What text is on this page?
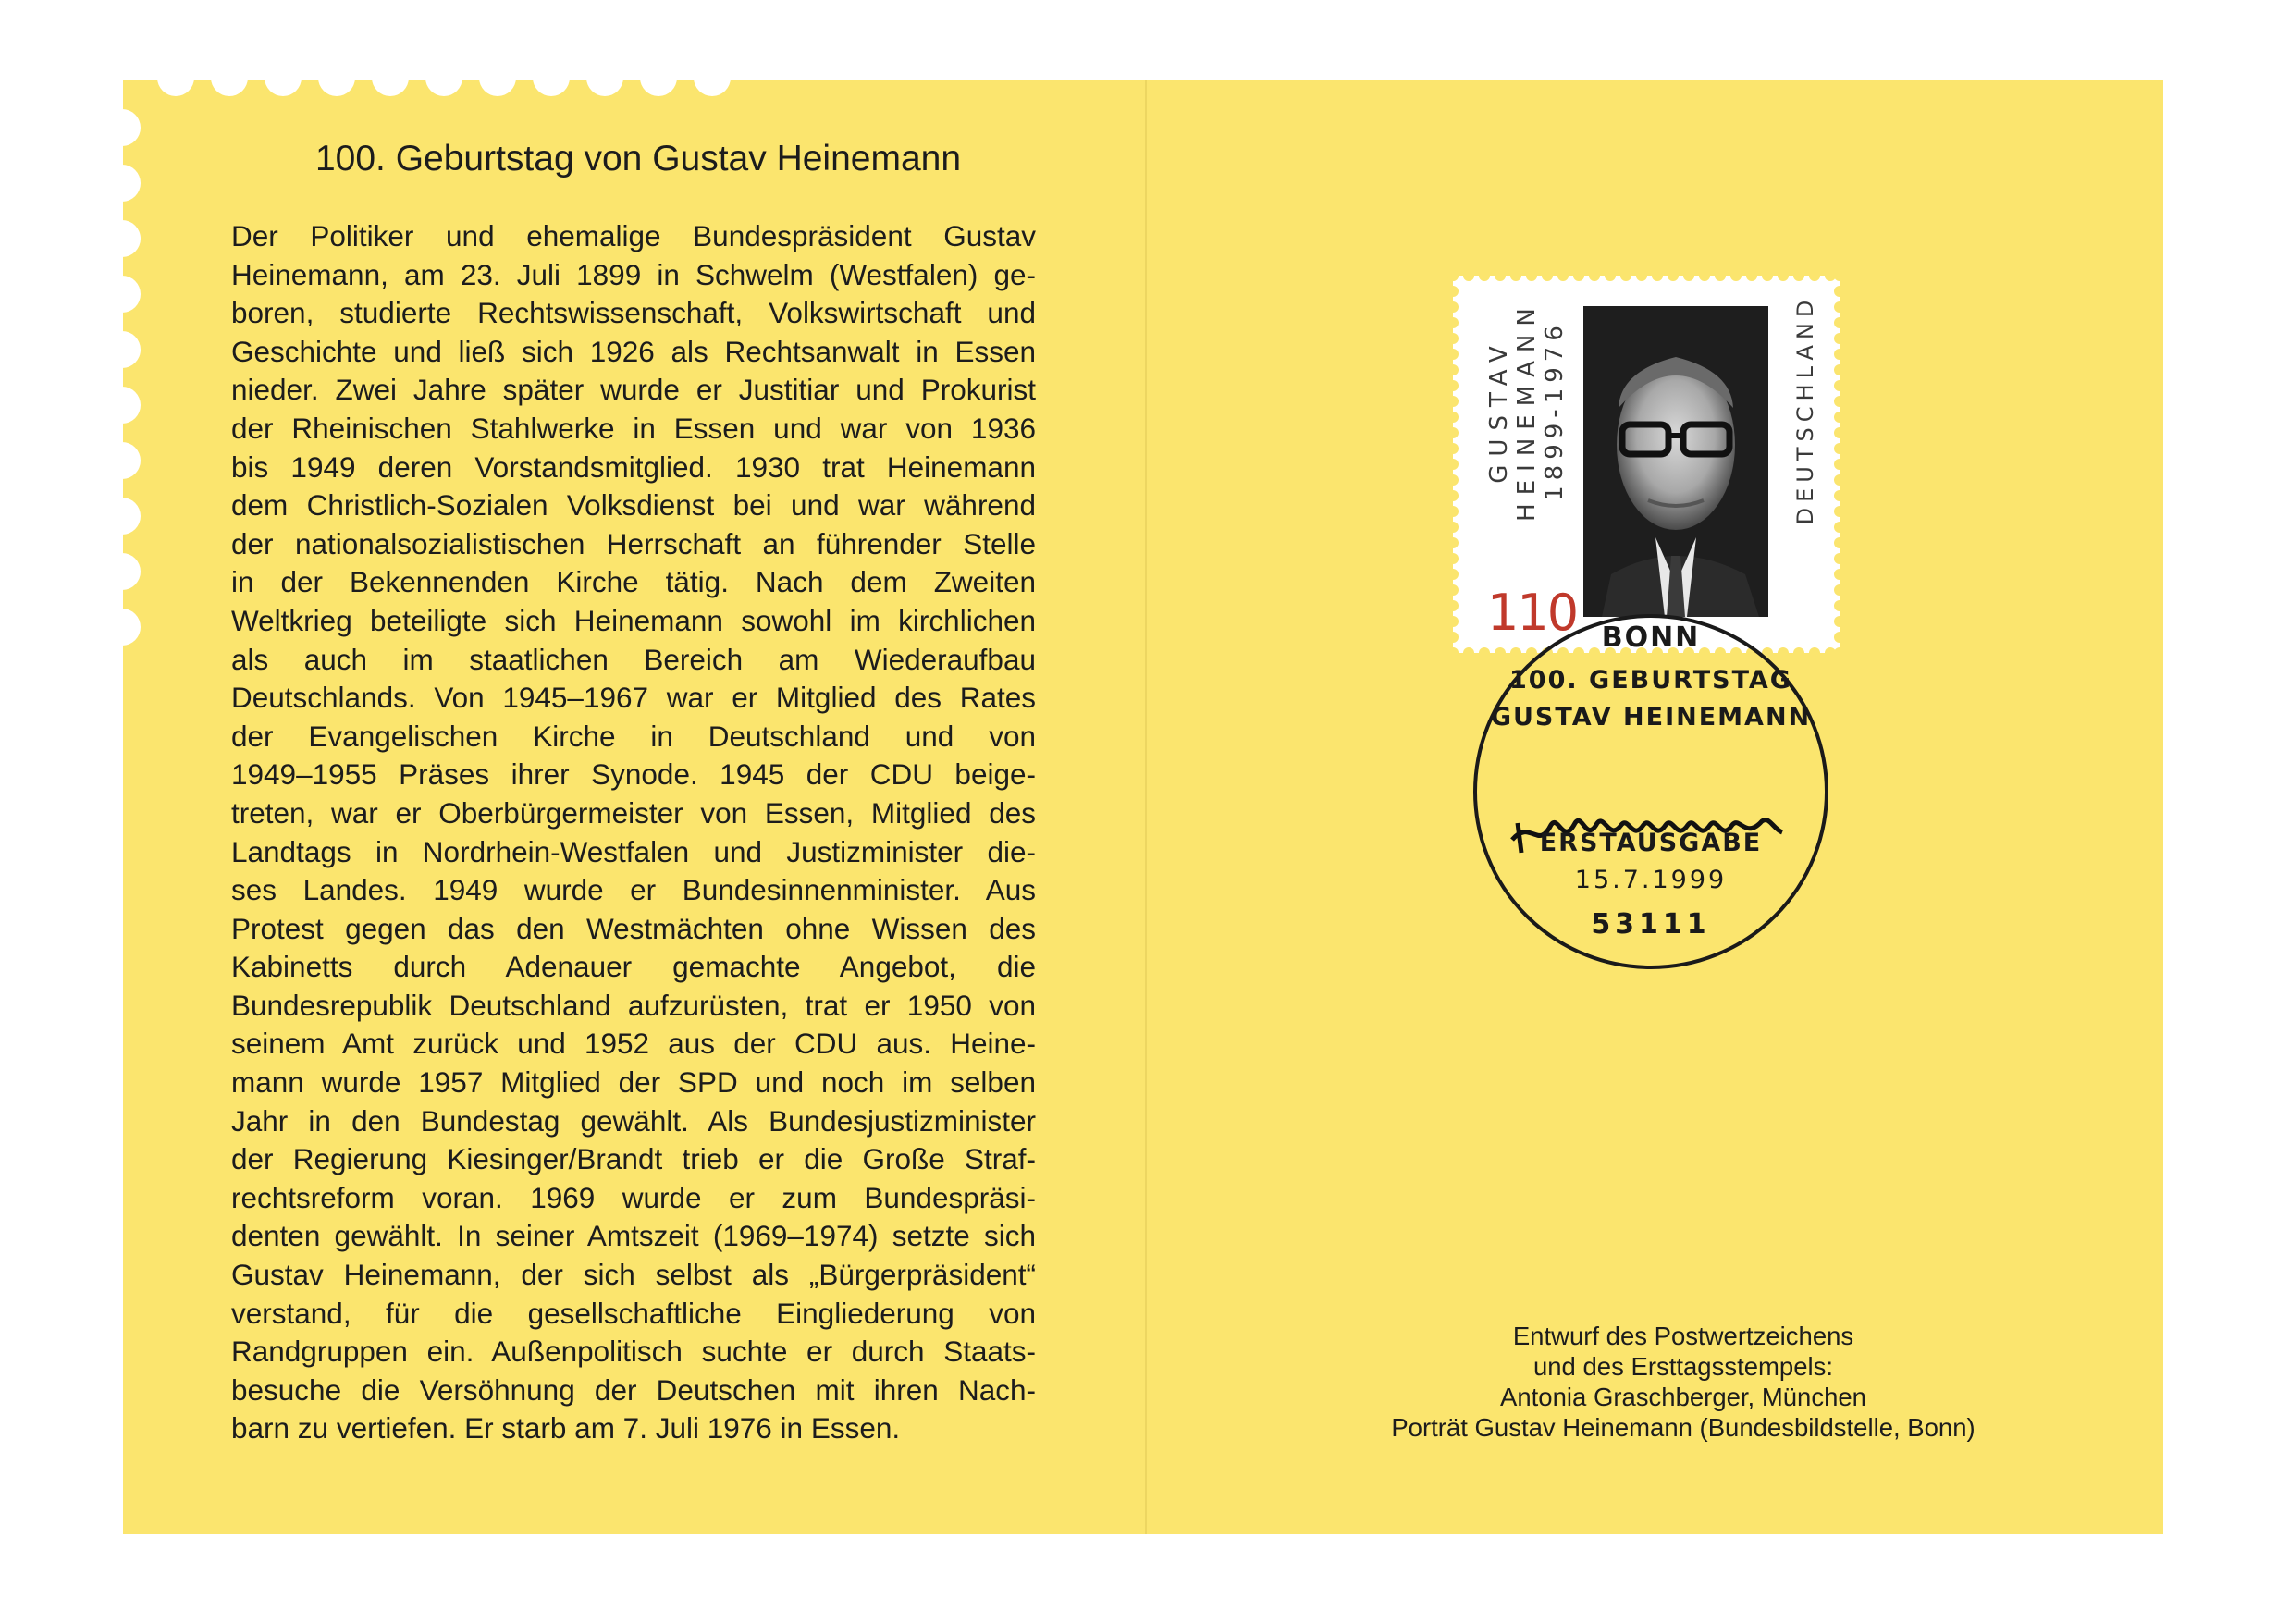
100. Geburtstag von Gustav Heinemann
Der Politiker und ehemalige Bundespräsident Gustav
Heinemann, am 23. Juli 1899 in Schwelm (Westfalen) ge-
boren, studierte Rechtswissenschaft, Volkswirtschaft und
Geschichte und ließ sich 1926 als Rechtsanwalt in Essen
nieder. Zwei Jahre später wurde er Justitiar und Prokurist
der Rheinischen Stahlwerke in Essen und war von 1936
bis 1949 deren Vorstandsmitglied. 1930 trat Heinemann
dem Christlich-Sozialen Volksdienst bei und war während
der nationalsozialistischen Herrschaft an führender Stelle
in der Bekennenden Kirche tätig. Nach dem Zweiten
Weltkrieg beteiligte sich Heinemann sowohl im kirchlichen
als auch im staatlichen Bereich am Wiederaufbau
Deutschlands. Von 1945–1967 war er Mitglied des Rates
der Evangelischen Kirche in Deutschland und von
1949–1955 Präses ihrer Synode. 1945 der CDU beige-
treten, war er Oberbürgermeister von Essen, Mitglied des
Landtags in Nordrhein-Westfalen und Justizminister die-
ses Landes. 1949 wurde er Bundesinnenminister. Aus
Protest gegen das den Westmächten ohne Wissen des
Kabinetts durch Adenauer gemachte Angebot, die
Bundesrepublik Deutschland aufzurüsten, trat er 1950 von
seinem Amt zurück und 1952 aus der CDU aus. Heine-
mann wurde 1957 Mitglied der SPD und noch im selben
Jahr in den Bundestag gewählt. Als Bundesjustizminister
der Regierung Kiesinger/Brandt trieb er die Große Straf-
rechtsreform voran. 1969 wurde er zum Bundespräsi-
denten gewählt. In seiner Amtszeit (1969–1974) setzte sich
Gustav Heinemann, der sich selbst als „Bürgerpräsident“
verstand, für die gesellschaftliche Eingliederung von
Randgruppen ein. Außenpolitisch suchte er durch Staats-
besuche die Versöhnung der Deutschen mit ihren Nach-
barn zu vertiefen. Er starb am 7. Juli 1976 in Essen.
GUSTAV HEINEMANN 1899-1976	DEUTSCHLAND
110 BONN
100. GEBURTSTAG
GUSTAV HEINEMANN
ERSTAUSGABE
15.7.1999
53111
Entwurf des Postwertzeichens
und des Ersttagsstempels:
Antonia Graschberger, München
Porträt Gustav Heinemann (Bundesbildstelle, Bonn)
